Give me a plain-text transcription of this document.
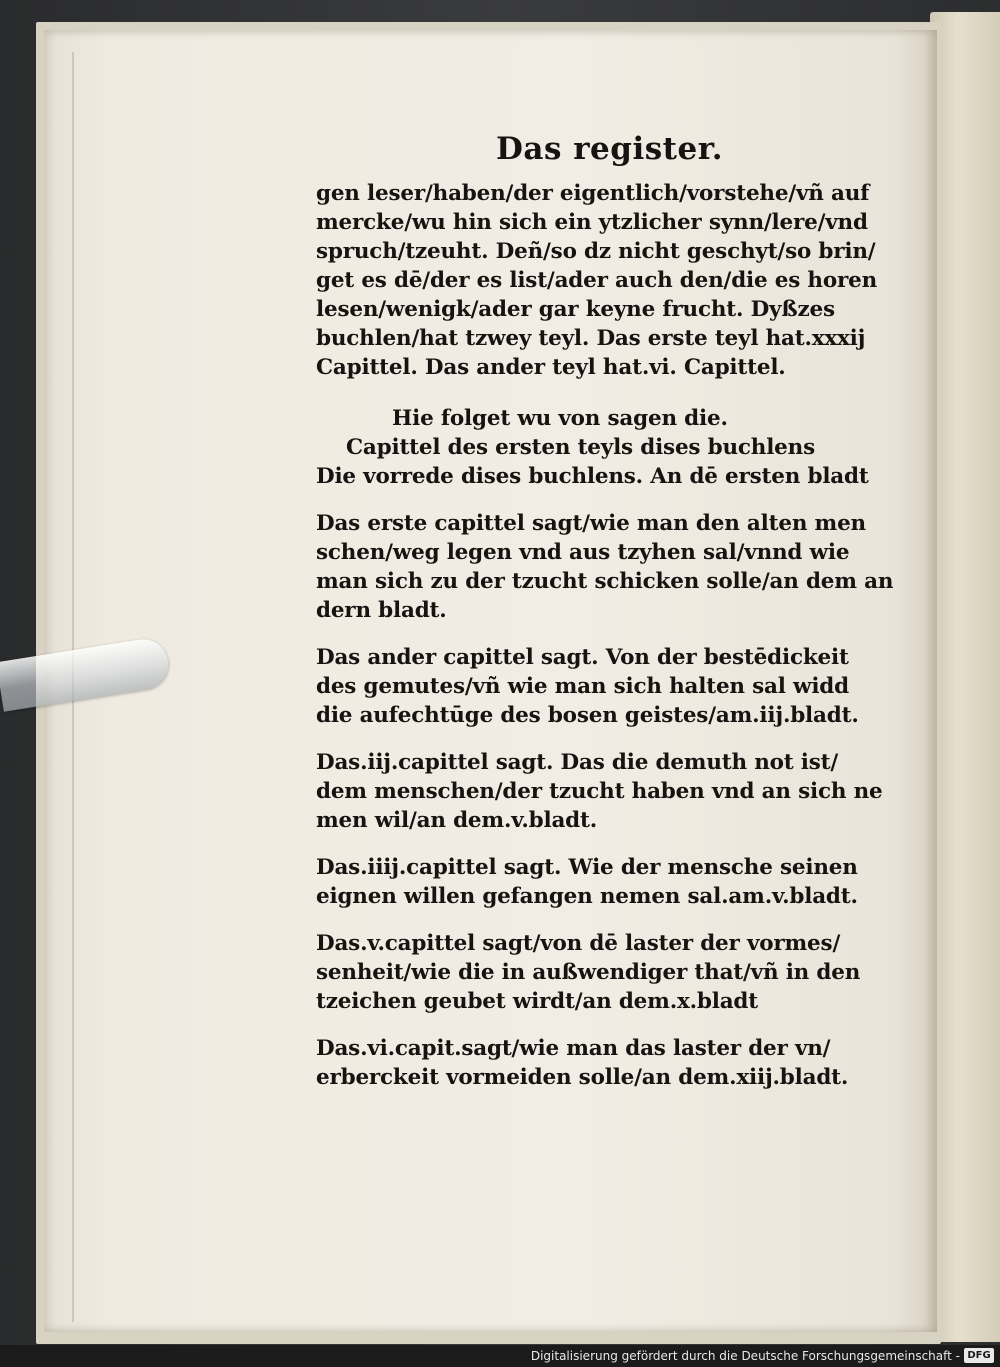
Das register.
gen leser/haben/der eigentlich/vorstehe/vñ auf
mercke/wu hin sich ein ytzlicher synn/lere/vnd
spruch/tzeuht. Deñ/so dz nicht geschyt/so brin/
get es dē/der es list/ader auch den/die es horen
lesen/wenigk/ader gar keyne frucht. Dyßzes
buchlen/hat tzwey teyl. Das erste teyl hat.xxxij
Capittel. Das ander teyl hat.vi. Capittel.
Hie folget wu von sagen die.
Capittel des ersten teyls dises buchlens
Die vorrede dises buchlens. An dē ersten bladt
Das erste capittel sagt/wie man den alten men
schen/weg legen vnd aus tzyhen sal/vnnd wie
man sich zu der tzucht schicken solle/an dem an
dern bladt.
Das ander capittel sagt. Von der bestēdickeit
des gemutes/vñ wie man sich halten sal widd
die aufechtūge des bosen geistes/am.iij.bladt.
Das.iij.capittel sagt. Das die demuth not ist/
dem menschen/der tzucht haben vnd an sich ne
men wil/an dem.v.bladt.
Das.iiij.capittel sagt. Wie der mensche seinen
eignen willen gefangen nemen sal.am.v.bladt.
Das.v.capittel sagt/von dē laster der vormes/
senheit/wie die in außwendiger that/vñ in den
tzeichen geubet wirdt/an dem.x.bladt
Das.vi.capit.sagt/wie man das laster der vn/
erberckeit vormeiden solle/an dem.xiij.bladt.
Digitalisierung gefördert durch die Deutsche Forschungsgemeinschaft - DFG
